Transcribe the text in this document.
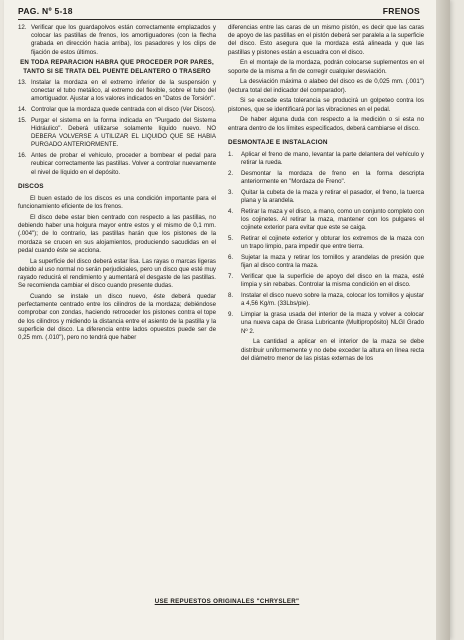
PAG. Nº 5-18	FRENOS
12. Verificar que los guardapolvos están correctamente emplazados y colocar las pastillas de frenos, los amortiguadores (con la flecha grabada en dirección hacia arriba), los pasadores y los clips de fijación de estos últimos.
EN TODA REPARACION HABRA QUE PROCEDER POR PARES, TANTO SI SE TRATA DEL PUENTE DELANTERO O TRASERO
13. Instalar la mordaza en el extremo inferior de la suspensión y conectar el tubo metálico, al extremo del flexible, sobre el tubo del amortiguador. Ajustar a los valores indicados en "Datos de Torsión".
14. Controlar que la mordaza quede centrada con el disco (Ver Discos).
15. Purgar el sistema en la forma indicada en "Purgado del Sistema Hidráulico". Deberá utilizarse solamente líquido nuevo. NO DEBERA VOLVERSE A UTILIZAR EL LIQUIDO QUE SE HABIA PURGADO ANTERIORMENTE.
16. Antes de probar el vehículo, proceder a bombear el pedal para reubicar correctamente las pastillas. Volver a controlar nuevamente el nivel de líquido en el depósito.
DISCOS

El buen estado de los discos es una condición importante para el funcionamiento eficiente de los frenos.

El disco debe estar bien centrado con respecto a las pastillas, no debiendo haber una holgura mayor entre estos y el mismo de 0,1 mm. (.004"); de lo contrario, las pastillas harán que los pistones de la mordaza se crucen en sus alojamientos, produciendo sacudidas en el pedal cuando éste se acciona.

La superficie del disco deberá estar lisa. Las rayas o marcas ligeras debido al uso normal no serán perjudiciales, pero un disco que esté muy rayado reducirá el rendimiento y aumentará el desgaste de las pastillas. Se recomienda cambiar el disco cuando presente dudas.

Cuando se instale un disco nuevo, éste deberá quedar perfectamente centrado entre los cilindros de la mordaza; debiéndose comprobar con zondas, haciendo retroceder los pistones contra el tope de los cilindros y midiendo la distancia entre el asiento de la pastilla y la superficie del disco. La diferencia entre lados opuestos puede ser de 0,25 mm. (.010"), pero no tendrá que haber

diferencias entre las caras de un mismo pistón, es decir que las caras de apoyo de las pastillas en el pistón deberá ser paralela a la superficie del disco. Esto asegura que la mordaza está alineada y que las pastillas y pistones están a escuadra con el disco.

En el montaje de la mordaza, podrán colocarse suplementos en el soporte de la misma a fin de corregir cualquier desviación.

La desviación máxima o alabeo del disco es de 0,025 mm. (.001") (lectura total del indicador del comparador).

Si se excede esta tolerancia se producirá un golpeteo contra los pistones, que se identificará por las vibraciones en el pedal.

De haber alguna duda con respecto a la medición o si esta no entrara dentro de los límites especificados, deberá cambiarse el disco.

DESMONTAJE E INSTALACION
1.	Aplicar el freno de mano, levantar la parte delantera del vehículo y retirar la rueda.
2.	Desmontar la mordaza de freno en la forma descripta anteriormente en "Mordaza de Freno".
3.	Quitar la cubeta de la maza y retirar el pasador, el freno, la tuerca plana y la arandela.
4.	Retirar la maza y el disco, a mano, como un conjunto completo con los cojinetes. Al retirar la maza, mantener con los pulgares el cojinete exterior para evitar que este se caiga.
5.	Retirar el cojinete exterior y obturar los extremos de la maza con un trapo limpio, para impedir que entre tierra.
6.	Sujetar la maza y retirar los tornillos y arandelas de presión que fijan al disco contra la maza.
7.	Verificar que la superficie de apoyo del disco en la maza, esté limpia y sin rebabas. Controlar la misma condición en el disco.
8.	Instalar el disco nuevo sobre la maza, colocar los tornillos y ajustar a 4,56 Kg/m. (33Lbs/pie).
9.	Limpiar la grasa usada del interior de la maza y volver a colocar una nueva capa de Grasa Lubricante (Multipropósito) NLGI Grado Nº 2.

La cantidad a aplicar en el interior de la maza se debe distribuir uniformemente y no debe exceder la altura en línea recta del diámetro menor de las pistas externas de los

USE REPUESTOS ORIGINALES "CHRYSLER"
